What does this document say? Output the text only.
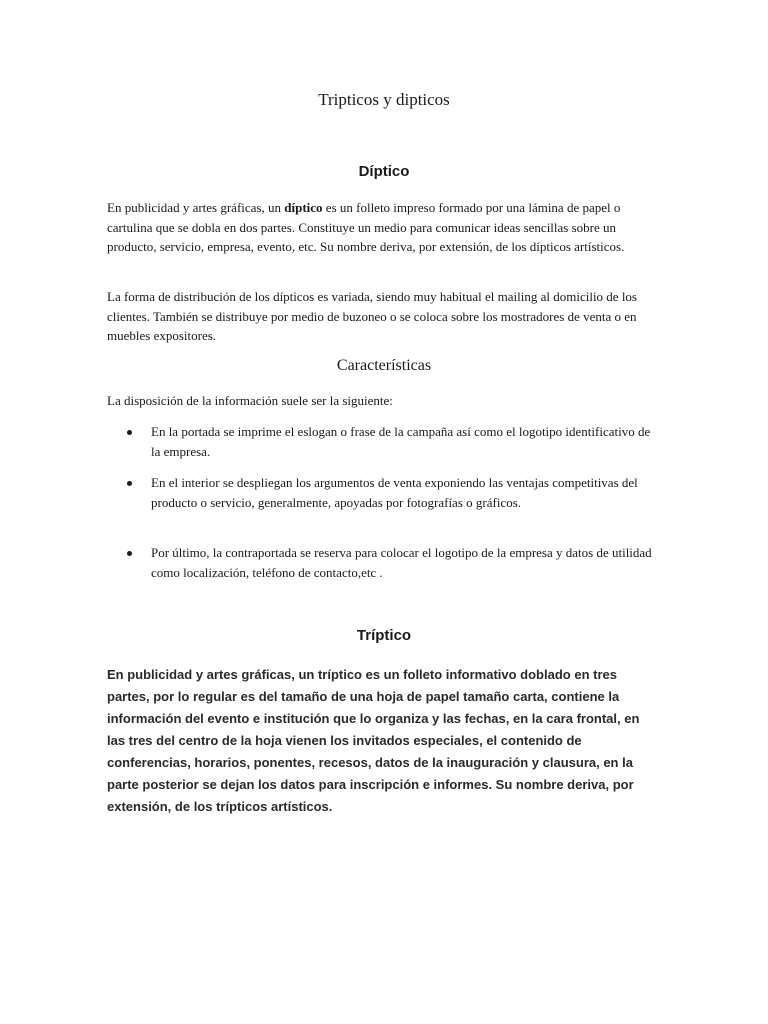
Tripticos y dipticos
Díptico

En publicidad y artes gráficas, un díptico es un folleto impreso formado por una lámina de papel o cartulina que se dobla en dos partes. Constituye un medio para comunicar ideas sencillas sobre un producto, servicio, empresa, evento, etc. Su nombre deriva, por extensión, de los dípticos artísticos.

La forma de distribución de los dípticos es variada, siendo muy habitual el mailing al domicilio de los clientes. También se distribuye por medio de buzoneo o se coloca sobre los mostradores de venta o en muebles expositores.

Características

La disposición de la información suele ser la siguiente:

En la portada se imprime el eslogan o frase de la campaña así como el logotipo identificativo de la empresa.
En el interior se despliegan los argumentos de venta exponiendo las ventajas competitivas del producto o servicio, generalmente, apoyadas por fotografías o gráficos.
Por último, la contraportada se reserva para colocar el logotipo de la empresa y datos de utilidad como localización, teléfono de contacto,etc .
Tríptico

En publicidad y artes gráficas, un tríptico es un folleto informativo doblado en tres partes, por lo regular es del tamaño de una hoja de papel tamaño carta, contiene la información del evento e institución que lo organiza y las fechas, en la cara frontal, en las tres del centro de la hoja vienen los invitados especiales, el contenido de conferencias, horarios, ponentes, recesos, datos de la inauguración y clausura, en la parte posterior se dejan los datos para inscripción e informes. Su nombre deriva, por extensión, de los trípticos artísticos.
